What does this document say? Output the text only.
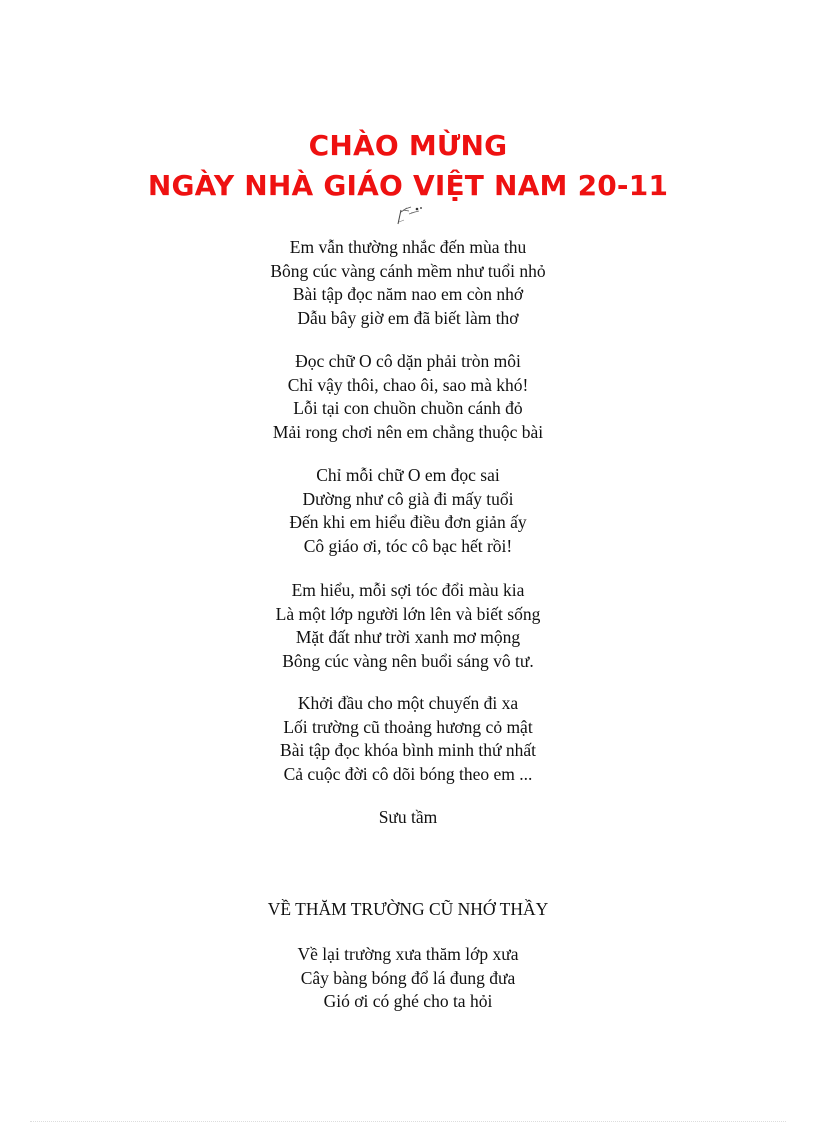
CHÀO MỪNG
NGÀY NHÀ GIÁO VIỆT NAM 20-11
Em vẫn thường nhắc đến mùa thu
Bông cúc vàng cánh mềm như tuổi nhỏ
Bài tập đọc năm nao em còn nhớ
Dẫu bây giờ em đã biết làm thơ
Đọc chữ O cô dặn phải tròn môi
Chỉ vậy thôi, chao ôi, sao mà khó!
Lỗi tại con chuồn chuồn cánh đỏ
Mải rong chơi nên em chẳng thuộc bài
Chỉ mỗi chữ O em đọc sai
Dường như cô già đi mấy tuổi
Đến khi em hiểu điều đơn giản ấy
Cô giáo ơi, tóc cô bạc hết rồi!
Em hiểu, mỗi sợi tóc đổi màu kia
Là một lớp người lớn lên và biết sống
Mặt đất như trời xanh mơ mộng
Bông cúc vàng nên buổi sáng vô tư.
Khởi đầu cho một chuyến đi xa
Lối trường cũ thoảng hương cỏ mật
Bài tập đọc khóa bình minh thứ nhất
Cả cuộc đời cô dõi bóng theo em ...
Sưu tầm
VỀ THĂM TRƯỜNG CŨ NHỚ THẦY
Về lại trường xưa thăm lớp xưa
Cây bàng bóng đổ lá đung đưa
Gió ơi có ghé cho ta hỏi
